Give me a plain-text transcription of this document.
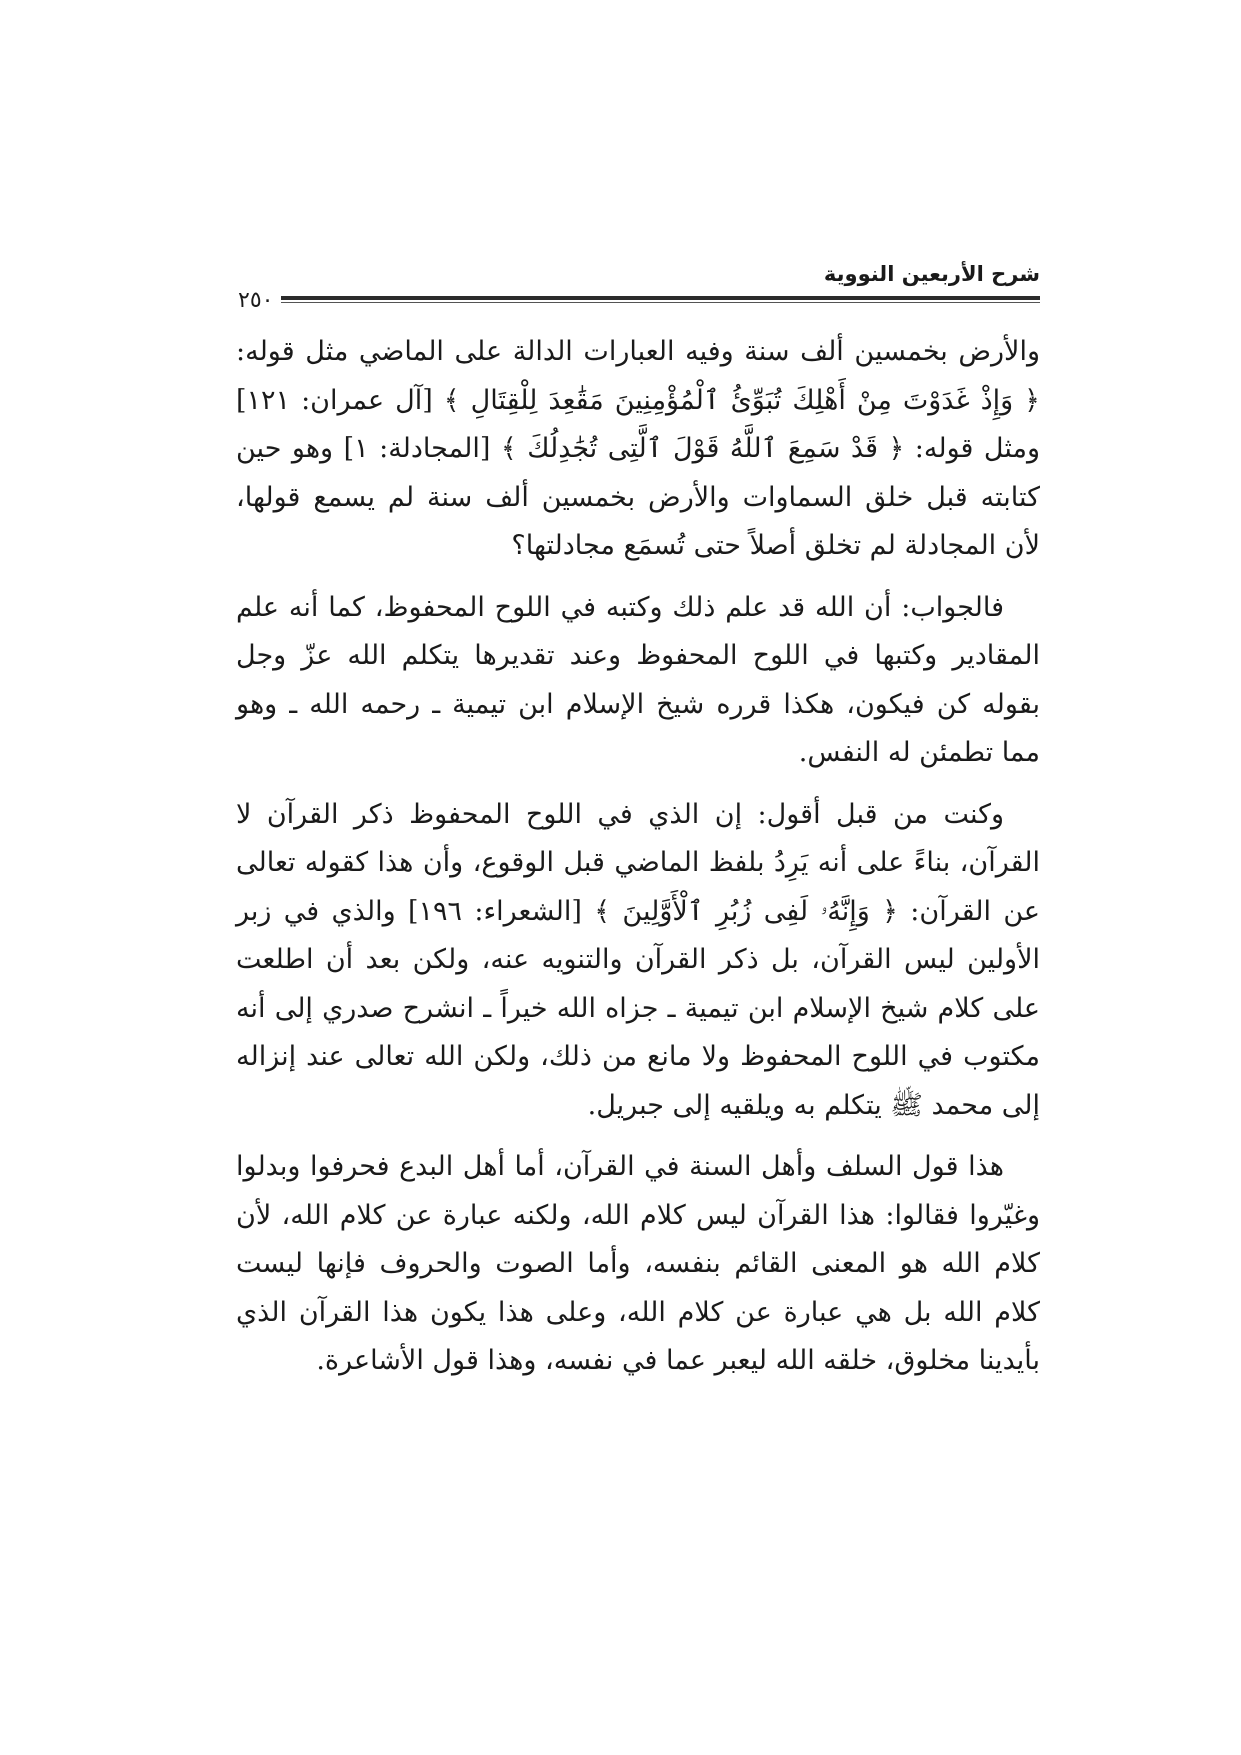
شرح الأربعين النووية
٢٥٠

والأرض بخمسين ألف سنة وفيه العبارات الدالة على الماضي مثل قوله: ﴿ وَإِذْ غَدَوْتَ مِنْ أَهْلِكَ تُبَوِّئُ ٱلْمُؤْمِنِينَ مَقَٰعِدَ لِلْقِتَالِ ﴾ [آل عمران: ١٢١] ومثل قوله: ﴿ قَدْ سَمِعَ ٱللَّهُ قَوْلَ ٱلَّتِى تُجَٰدِلُكَ ﴾ [المجادلة: ١] وهو حين كتابته قبل خلق السماوات والأرض بخمسين ألف سنة لم يسمع قولها، لأن المجادلة لم تخلق أصلاً حتى تُسمَع مجادلتها؟

فالجواب: أن الله قد علم ذلك وكتبه في اللوح المحفوظ، كما أنه علم المقادير وكتبها في اللوح المحفوظ وعند تقديرها يتكلم الله عزّ وجل بقوله كن فيكون، هكذا قرره شيخ الإسلام ابن تيمية ـ رحمه الله ـ وهو مما تطمئن له النفس.

وكنت من قبل أقول: إن الذي في اللوح المحفوظ ذكر القرآن لا القرآن، بناءً على أنه يَرِدُ بلفظ الماضي قبل الوقوع، وأن هذا كقوله تعالى عن القرآن: ﴿ وَإِنَّهُۥ لَفِى زُبُرِ ٱلْأَوَّلِينَ ﴾ [الشعراء: ١٩٦] والذي في زبر الأولين ليس القرآن، بل ذكر القرآن والتنويه عنه، ولكن بعد أن اطلعت على كلام شيخ الإسلام ابن تيمية ـ جزاه الله خيراً ـ انشرح صدري إلى أنه مكتوب في اللوح المحفوظ ولا مانع من ذلك، ولكن الله تعالى عند إنزاله إلى محمد ﷺ يتكلم به ويلقيه إلى جبريل.

هذا قول السلف وأهل السنة في القرآن، أما أهل البدع فحرفوا وبدلوا وغيّروا فقالوا: هذا القرآن ليس كلام الله، ولكنه عبارة عن كلام الله، لأن كلام الله هو المعنى القائم بنفسه، وأما الصوت والحروف فإنها ليست كلام الله بل هي عبارة عن كلام الله، وعلى هذا يكون هذا القرآن الذي بأيدينا مخلوق، خلقه الله ليعبر عما في نفسه، وهذا قول الأشاعرة.
